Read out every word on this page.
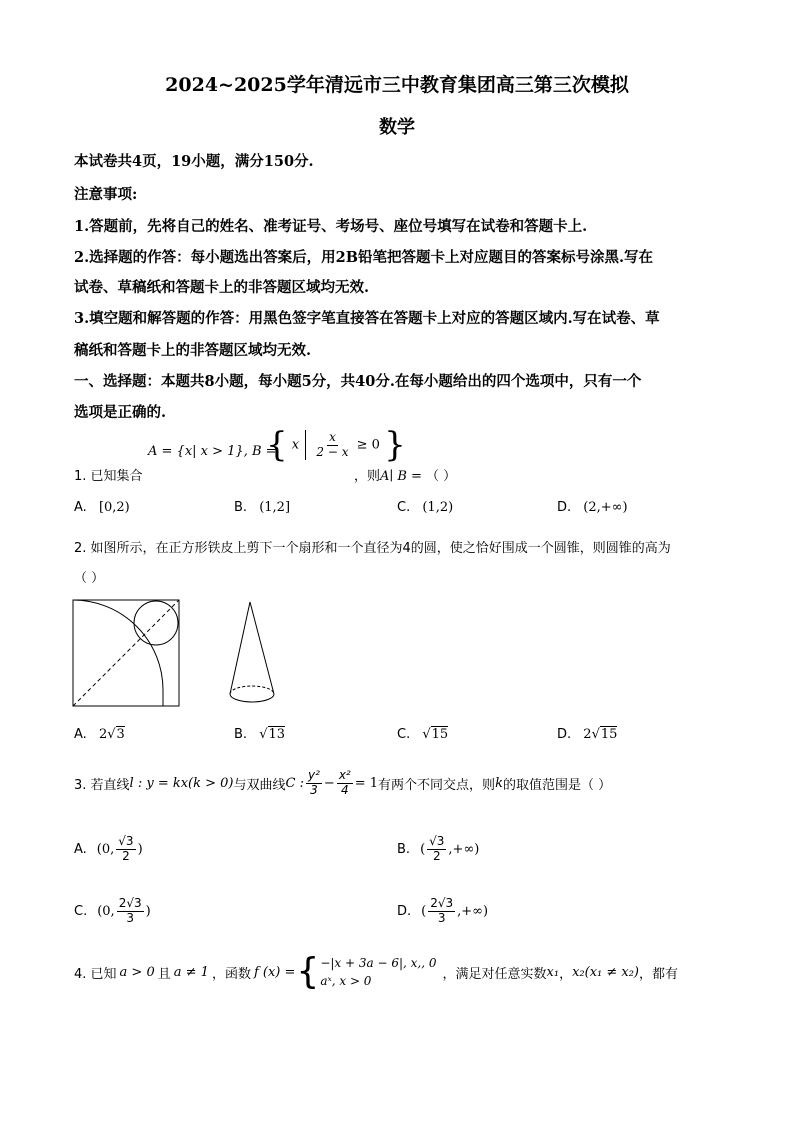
2024~2025学年清远市三中教育集团高三第三次模拟
数学
本试卷共4页，19小题，满分150分.
注意事项:
1.答题前，先将自己的姓名、准考证号、考场号、座位号填写在试卷和答题卡上.
2.选择题的作答：每小题选出答案后，用2B铅笔把答题卡上对应题目的答案标号涂黑.写在
试卷、草稿纸和答题卡上的非答题区域均无效.
3.填空题和解答题的作答：用黑色签字笔直接答在答题卡上对应的答题区域内.写在试卷、草
稿纸和答题卡上的非答题区域均无效.
一、选择题：本题共8小题，每小题5分，共40分.在每小题给出的四个选项中，只有一个
选项是正确的.
1. 已知集合
A = {x| x > 1}, B =
{ x $\frac{x}{2 - x} \ge 0$ }
，则A∣ B = （ ）
A. [0,2)	B. (1,2]	C. (1,2)	D. (2,+∞)
2. 如图所示，在正方形铁皮上剪下一个扇形和一个直径为4的圆，使之恰好围成一个圆锥，则圆锥的高为
（ ）
A. 2√3	B. √13	C. √15	D. 2√15
3. 若直线 l : y = kx(k > 0) 与双曲线 C : $\frac{\text{y²}}{3} - \frac{\text{x²}}{4} = 1$ 有两个不同交点，则 k 的取值范围是（ ）
A. (0, $\frac{√3}{2}$ )	B. ( $\frac{√3}{2}$ ,+∞)
C. (0, $\frac{2√3}{3}$ )	D. ( $\frac{2√3}{3}$ ,+∞)
4. 已知 a > 0 且 a ≠ 1 ，函数 f (x) = { −|x + 3a − 6|, x,, 0
aˣ, x > 0	，满足对任意实数 x₁ ， x₂(x₁ ≠ x₂) ，都有
